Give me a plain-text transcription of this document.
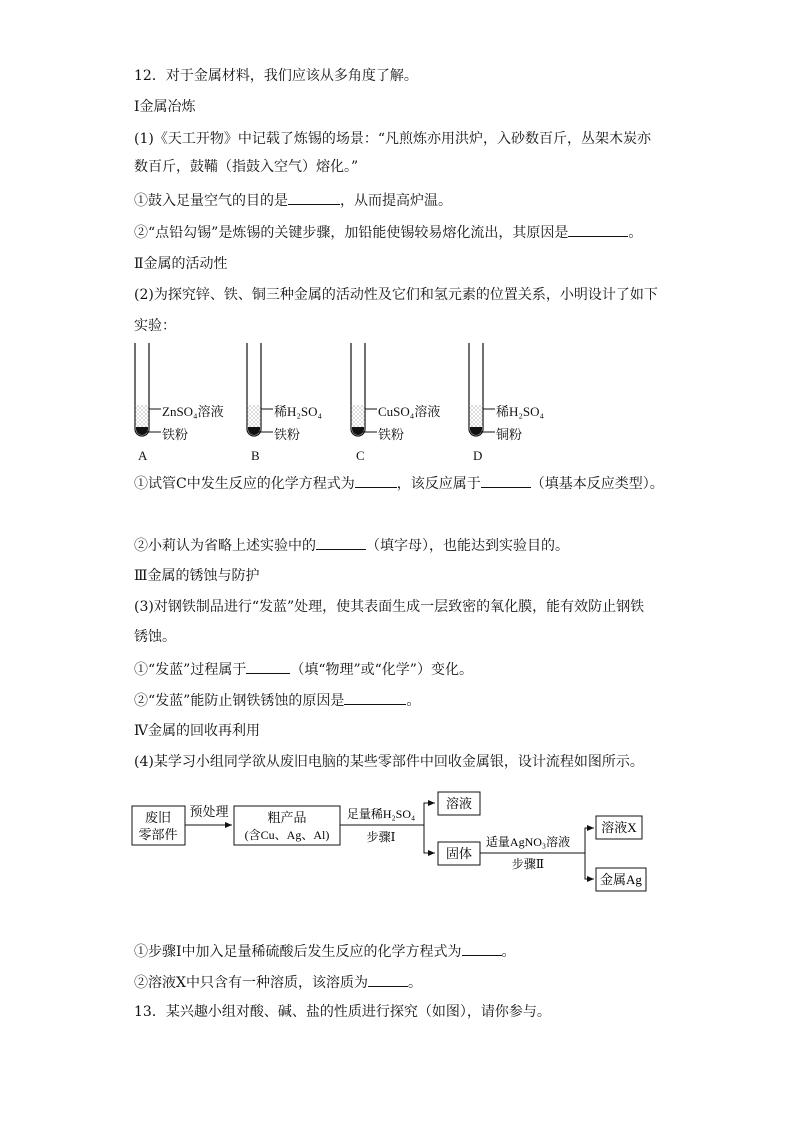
12．对于金属材料，我们应该从多角度了解。
Ⅰ金属冶炼
(1)《天工开物》中记载了炼锡的场景：“凡煎炼亦用洪炉，入砂数百斤，丛架木炭亦
数百斤，鼓鞴（指鼓入空气）熔化。”
①鼓入足量空气的目的是	，从而提高炉温。
②“点铅勾锡”是炼锡的关键步骤，加铅能使锡较易熔化流出，其原因是	。
Ⅱ金属的活动性
(2)为探究锌、铁、铜三种金属的活动性及它们和氢元素的位置关系，小明设计了如下
实验：
ZnSO₄溶液
铁粉
A
稀H₂SO₄
铁粉
B
CuSO₄溶液
铁粉
C
稀H₂SO₄
铜粉
D
①试管C中发生反应的化学方程式为	，该反应属于	（填基本反应类型）。
②小莉认为省略上述实验中的	（填字母），也能达到实验目的。
Ⅲ金属的锈蚀与防护
(3)对钢铁制品进行“发蓝”处理，使其表面生成一层致密的氧化膜，能有效防止钢铁
锈蚀。
①“发蓝”过程属于	（填“物理”或“化学”）变化。
②“发蓝”能防止钢铁锈蚀的原因是	。
Ⅳ金属的回收再利用
(4)某学习小组同学欲从废旧电脑的某些零部件中回收金属银，设计流程如图所示。
废旧
零部件
预处理	粗产品
(含Cu、Ag、Al)
足量稀H₂SO₄
步骤Ⅰ
溶液
固体
适量AgNO₃溶液
步骤Ⅱ
溶液X
金属Ag
①步骤Ⅰ中加入足量稀硫酸后发生反应的化学方程式为	。
②溶液X中只含有一种溶质，该溶质为	。
13．某兴趣小组对酸、碱、盐的性质进行探究（如图），请你参与。
